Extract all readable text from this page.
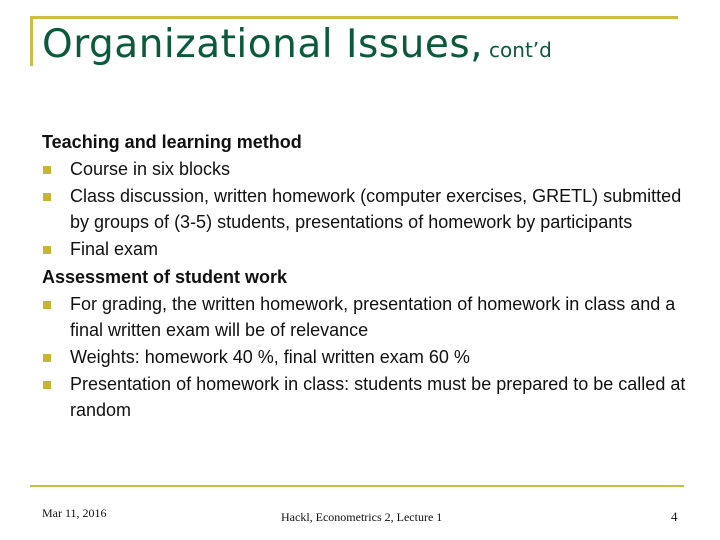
Organizational Issues, cont’d

Teaching and learning method

Course in six blocks
Class discussion, written homework (computer exercises, GRETL) submitted by groups of (3-5) students, presentations of homework by participants
Final exam

Assessment of student work

For grading, the written homework, presentation of homework in class and a final written exam will be of relevance
Weights: homework 40 %, final written exam 60 %
Presentation of homework in class: students must be prepared to be called at random
Mar 11, 2016	Hackl, Econometrics 2, Lecture 1	4
